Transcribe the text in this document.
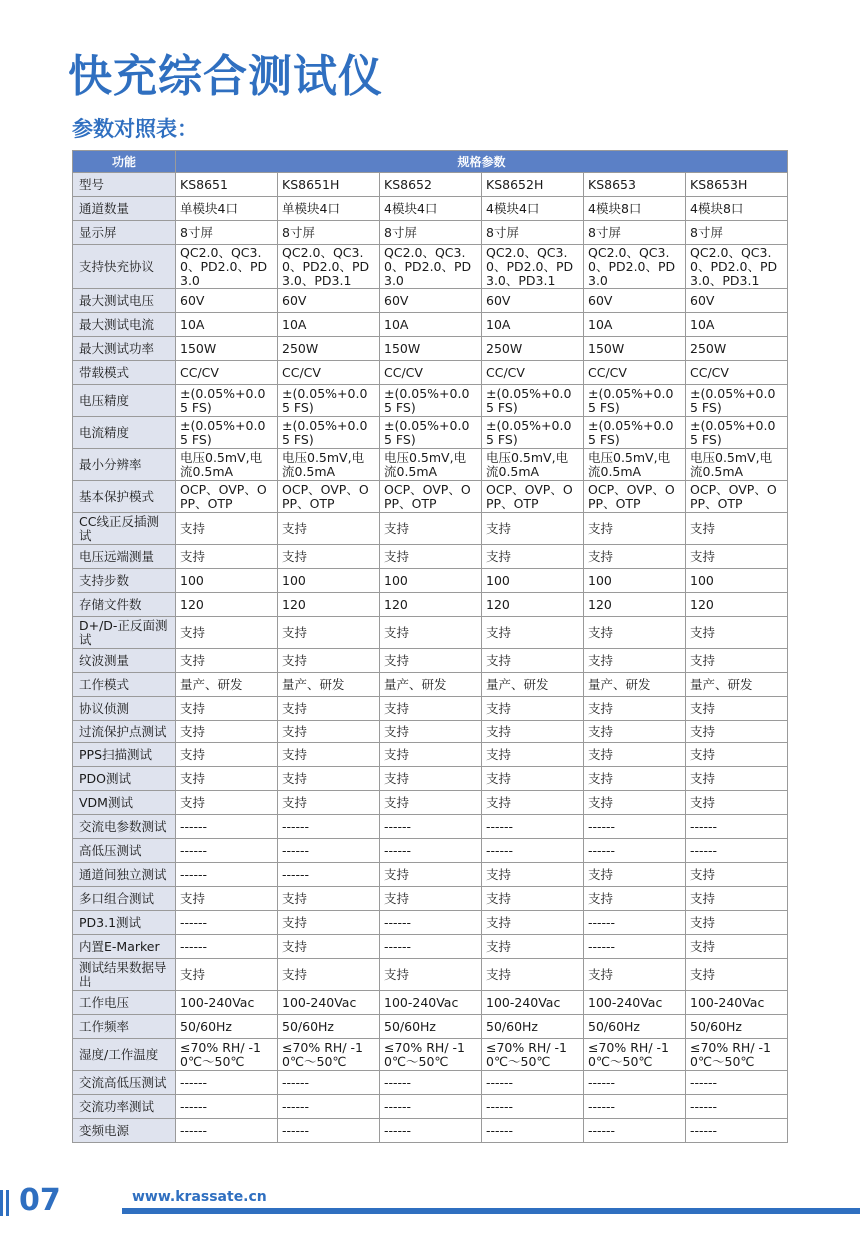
快充综合测试仪
参数对照表：
功能	规格参数					
型号	KS8651	KS8651H	KS8652	KS8652H	KS8653	KS8653H
通道数量	单模块4口	单模块4口	4模块4口	4模块4口	4模块8口	4模块8口
显示屏	8寸屏	8寸屏	8寸屏	8寸屏	8寸屏	8寸屏
支持快充协议	QC2.0、QC3.0、PD2.0、PD3.0	QC2.0、QC3.0、PD2.0、PD3.0、PD3.1	QC2.0、QC3.0、PD2.0、PD3.0	QC2.0、QC3.0、PD2.0、PD3.0、PD3.1	QC2.0、QC3.0、PD2.0、PD3.0	QC2.0、QC3.0、PD2.0、PD3.0、PD3.1
最大测试电压	60V	60V	60V	60V	60V	60V
最大测试电流	10A	10A	10A	10A	10A	10A
最大测试功率	150W	250W	150W	250W	150W	250W
带载模式	CC/CV	CC/CV	CC/CV	CC/CV	CC/CV	CC/CV
电压精度	±(0.05%+0.05 FS)	±(0.05%+0.05 FS)	±(0.05%+0.05 FS)	±(0.05%+0.05 FS)	±(0.05%+0.05 FS)	±(0.05%+0.05 FS)
电流精度	±(0.05%+0.05 FS)	±(0.05%+0.05 FS)	±(0.05%+0.05 FS)	±(0.05%+0.05 FS)	±(0.05%+0.05 FS)	±(0.05%+0.05 FS)
最小分辨率	电压0.5mV,电流0.5mA	电压0.5mV,电流0.5mA	电压0.5mV,电流0.5mA	电压0.5mV,电流0.5mA	电压0.5mV,电流0.5mA	电压0.5mV,电流0.5mA
基本保护模式	OCP、OVP、OPP、OTP	OCP、OVP、OPP、OTP	OCP、OVP、OPP、OTP	OCP、OVP、OPP、OTP	OCP、OVP、OPP、OTP	OCP、OVP、OPP、OTP
CC线正反插测试	支持	支持	支持	支持	支持	支持
电压远端测量	支持	支持	支持	支持	支持	支持
支持步数	100	100	100	100	100	100
存储文件数	120	120	120	120	120	120
D+/D-正反面测试	支持	支持	支持	支持	支持	支持
纹波测量	支持	支持	支持	支持	支持	支持
工作模式	量产、研发	量产、研发	量产、研发	量产、研发	量产、研发	量产、研发
协议侦测	支持	支持	支持	支持	支持	支持
过流保护点测试	支持	支持	支持	支持	支持	支持
PPS扫描测试	支持	支持	支持	支持	支持	支持
PDO测试	支持	支持	支持	支持	支持	支持
VDM测试	支持	支持	支持	支持	支持	支持
交流电参数测试	------	------	------	------	------	------
高低压测试	------	------	------	------	------	------
通道间独立测试	------	------	支持	支持	支持	支持
多口组合测试	支持	支持	支持	支持	支持	支持
PD3.1测试	------	支持	------	支持	------	支持
内置E-Marker	------	支持	------	支持	------	支持
测试结果数据导出	支持	支持	支持	支持	支持	支持
工作电压	100-240Vac	100-240Vac	100-240Vac	100-240Vac	100-240Vac	100-240Vac
工作频率	50/60Hz	50/60Hz	50/60Hz	50/60Hz	50/60Hz	50/60Hz
湿度/工作温度	≤70% RH/ -10℃～50℃	≤70% RH/ -10℃～50℃	≤70% RH/ -10℃～50℃	≤70% RH/ -10℃～50℃	≤70% RH/ -10℃～50℃	≤70% RH/ -10℃～50℃
交流高低压测试	------	------	------	------	------	------
交流功率测试	------	------	------	------	------	------
变频电源	------	------	------	------	------	------
07	www.krassate.cn
